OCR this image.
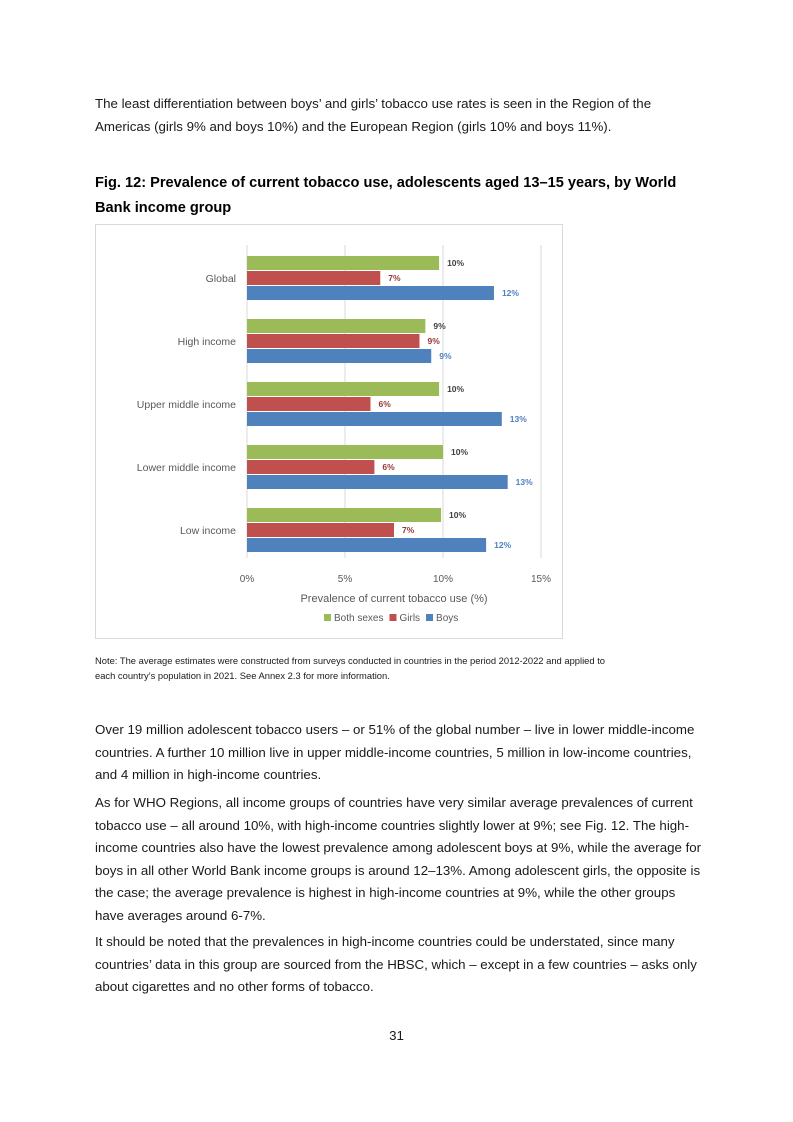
The least differentiation between boys’ and girls’ tobacco use rates is seen in the Region of the Americas (girls 9% and boys 10%) and the European Region (girls 10% and boys 11%).

Fig. 12: Prevalence of current tobacco use, adolescents aged 13–15 years, by World Bank income group

10%
7%
12%
9%
9%
9%
10%
6%
13%
10%
6%
13%
10%
7%
12%
Global
High income
Upper middle income
Lower middle income
Low income
0%	5%	10%	15%
Prevalence of current tobacco use (%)
Both sexes Girls Boys

Note: The average estimates were constructed from surveys conducted in countries in the period 2012-2022 and applied to each country’s population in 2021. See Annex 2.3 for more information.

Over 19 million adolescent tobacco users – or 51% of the global number – live in lower middle-income countries. A further 10 million live in upper middle-income countries, 5 million in low-income countries, and 4 million in high-income countries.

As for WHO Regions, all income groups of countries have very similar average prevalences of current tobacco use – all around 10%, with high-income countries slightly lower at 9%; see Fig. 12. The high-income countries also have the lowest prevalence among adolescent boys at 9%, while the average for boys in all other World Bank income groups is around 12–13%. Among adolescent girls, the opposite is the case; the average prevalence is highest in high-income countries at 9%, while the other groups have averages around 6-7%.

It should be noted that the prevalences in high-income countries could be understated, since many countries’ data in this group are sourced from the HBSC, which – except in a few countries – asks only about cigarettes and no other forms of tobacco.

31
